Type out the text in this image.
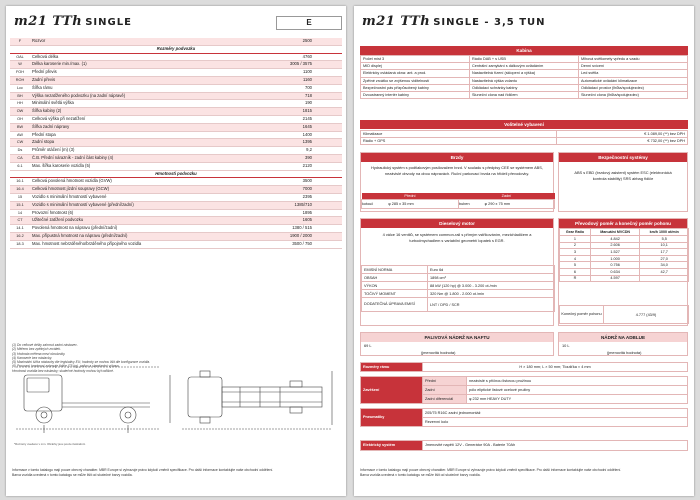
m21 TTh SINGLE	E
F	Rozvor	2500
Rozměry podvozku		
OAL	Celková délka	4760
W	Délka karoserie min./max. (1)	3005 / 3575
FOH	Přední převis	1100
ROH	Zadní převis	1160
Lcc	Šířka rámu	700
BH	Výška nezatíženého podvozku (na zadní nápravě)	718
HH	Minimální světlá výška	190
OW	Šířka kabiny (2)	1815
OH	Celková výška při nezatížení	2145
BW	Šířka zadní nápravy	1645
AW	Přední stopa	1400
CW	Zadní stopa	1395
Ds	Průměr otáčení (m) (3)	9,2
CA	Č.B. Přední nárazník - zadní část kabiny (4)	390
6.1	Max. šířka karoserie vozidla (5)	2120
Hmotnosti podvozku		
16.1	Celková povolená hmotnost vozidla (GVW)	3500
16.4	Celková hmotnost jízdní soupravy (GCW)	7000
15	Vozidlo s minimální hmotností vybavené	2395
15.1	Vozidlo s minimální hmotností vybavené (přední/zadní)	1385/710
14	Provozní hmotnost (6)	1895
CT	Užitečné zatížení podvozku	1605
14.1	Povolená hmotnost na nápravu (přední/zadní)	1380 / 515
16.2	Max. přípustná hmotnost na nápravu (přední/zadní)	1900 / 2000
18.3	Max. hmotnost nebrzděného/brzděného přípojného vozidla	3500 / 750
(1) Do celkové délky zahrnut zadní nástavec.
(2) Měřeno bez zpětných zrcátek.
(3) Hodnota měřena mezi obrubníky.
(4) Karoserie bez nástavby.
(5) Maximální šířka nástavby dle legislativy EU; hodnoty se mohou lišit dle konfigurace vozidla.
(6) Provozní hmotnost zahrnuje řidiče (75 kg), palivo a standardní výbavu.
Hmotnost vozidla bez nástavby; skutečné hodnoty mohou být odlišné.
*Rozměry uvedené v mm. Obrázky jsou pouze ilustrativní.
Informace v tomto katalogu mají pouze obecný charakter. MBR Europe si vyhrazuje právo kdykoli změnit specifikace. Pro další informace kontaktujte naše obchodní oddělení.
Barva vozidla uvedená v tomto katalogu se může lišit od skutečné barvy vozidla.
m21 TTh SINGLE - 3,5 TUN
Kabina
Počet míst 3	Rádio DAB + s USB	Mlhová světlomety vpředu a vzadu
MID displej	Centrální zamykání s dálkovým ovládáním	Denní svícení
Elektricky ovládaná okna: ant. a prod.	Nastavitelná řízení (sklopení a výška)	Led světla
Zpětné zrcátko se zvýšenou viditelností	Nastavitelná výška volantu	Automatické ovládání klimatizace
Bezpečnostní pás přizpůsobený kabiny	Odkládací schránky kabiny	Odkládací prostor (lhůta/spolujezdec)
Dvoustranný interiér kabiny	Sluneční clona nad řidičem	Sluneční clona (lhůta/spolujezdec)
Volitelné vybavení
Klimatizace	€ 1.089,00 (**) bez DPH
Rádio + GPS	€ 732,00 (**) bez DPH
Brzdy
Hydraulický systém s podtlakovým posilovačem brzd. V souladu s předpisy CEE se systémem ABS, nezávislé obvody na obou nápravách. Ruční parkovací brzda na hřídeli převodovky.
Přední	Zadní
kotouč φ 285 x 35 mm	buben φ 290 x 75 mm
Bezpečnostní systémy
ABS s EBD (brzdový asistent) systém ESC (elektronická kontrola stability) SRS airbag řidiče
Dieselový motor
4 válce 16 ventilů, se systémem common-rail s přímým vstřikováním, mezichladičem a turbodmychadlem s variabilní geometrií lopatek s EGR.
EMISNÍ NORMA	Euro 6d
OBSAH	1898 cm³
VÝKON	88 kW (120 hp) @ 3.000 - 3.200 ot./min
TOČIVÝ MOMENT	320 Nm @ 1.800 - 2.000 ot./min
DODATEČNÁ ÚPRAVA EMISÍ	LNT / DPD / SCR
Převodový poměr a konečný poměr pohonu
Gear Ratio	Manuální MVCDN	km/h 1000 ot/min
1	4.842	5,5
2	2.606	10,1
3	1.527	17,7
4	1.000	27,0
5	0.756	34,0
6	0.634	42,7
R	4.597	
Konečný poměr pohonu	4.777 (43/9)
PALIVOVÁ NÁDRŽ NA NAFTU
69 L
(jmenovitá hodnota)
NÁDRŽ NA ADBLUE
10 L
(jmenovitá hodnota)
Rozměry rámu	H × 180 mm; L × 50 mm; Tloušťka × 4 mm
Zavěšení	Přední	nezávislé s příčnou listovou pružinou
	Zadní	pólo eliptické listové ocelové pružiny
	Zadní diferenciál	φ 232 mm HEAVY DUTY
Pneumatiky	205/75 R16C zadní jednomontáž
Rezervní kolo
Elektrický systém	Jmenovité napětí 12V - Generátor 90A - Baterie 70Ah
Informace v tomto katalogu mají pouze obecný charakter. MBR Europe si vyhrazuje právo kdykoli změnit specifikace. Pro další informace kontaktujte naše obchodní oddělení.
Barva vozidla uvedená v tomto katalogu se může lišit od skutečné barvy vozidla.
